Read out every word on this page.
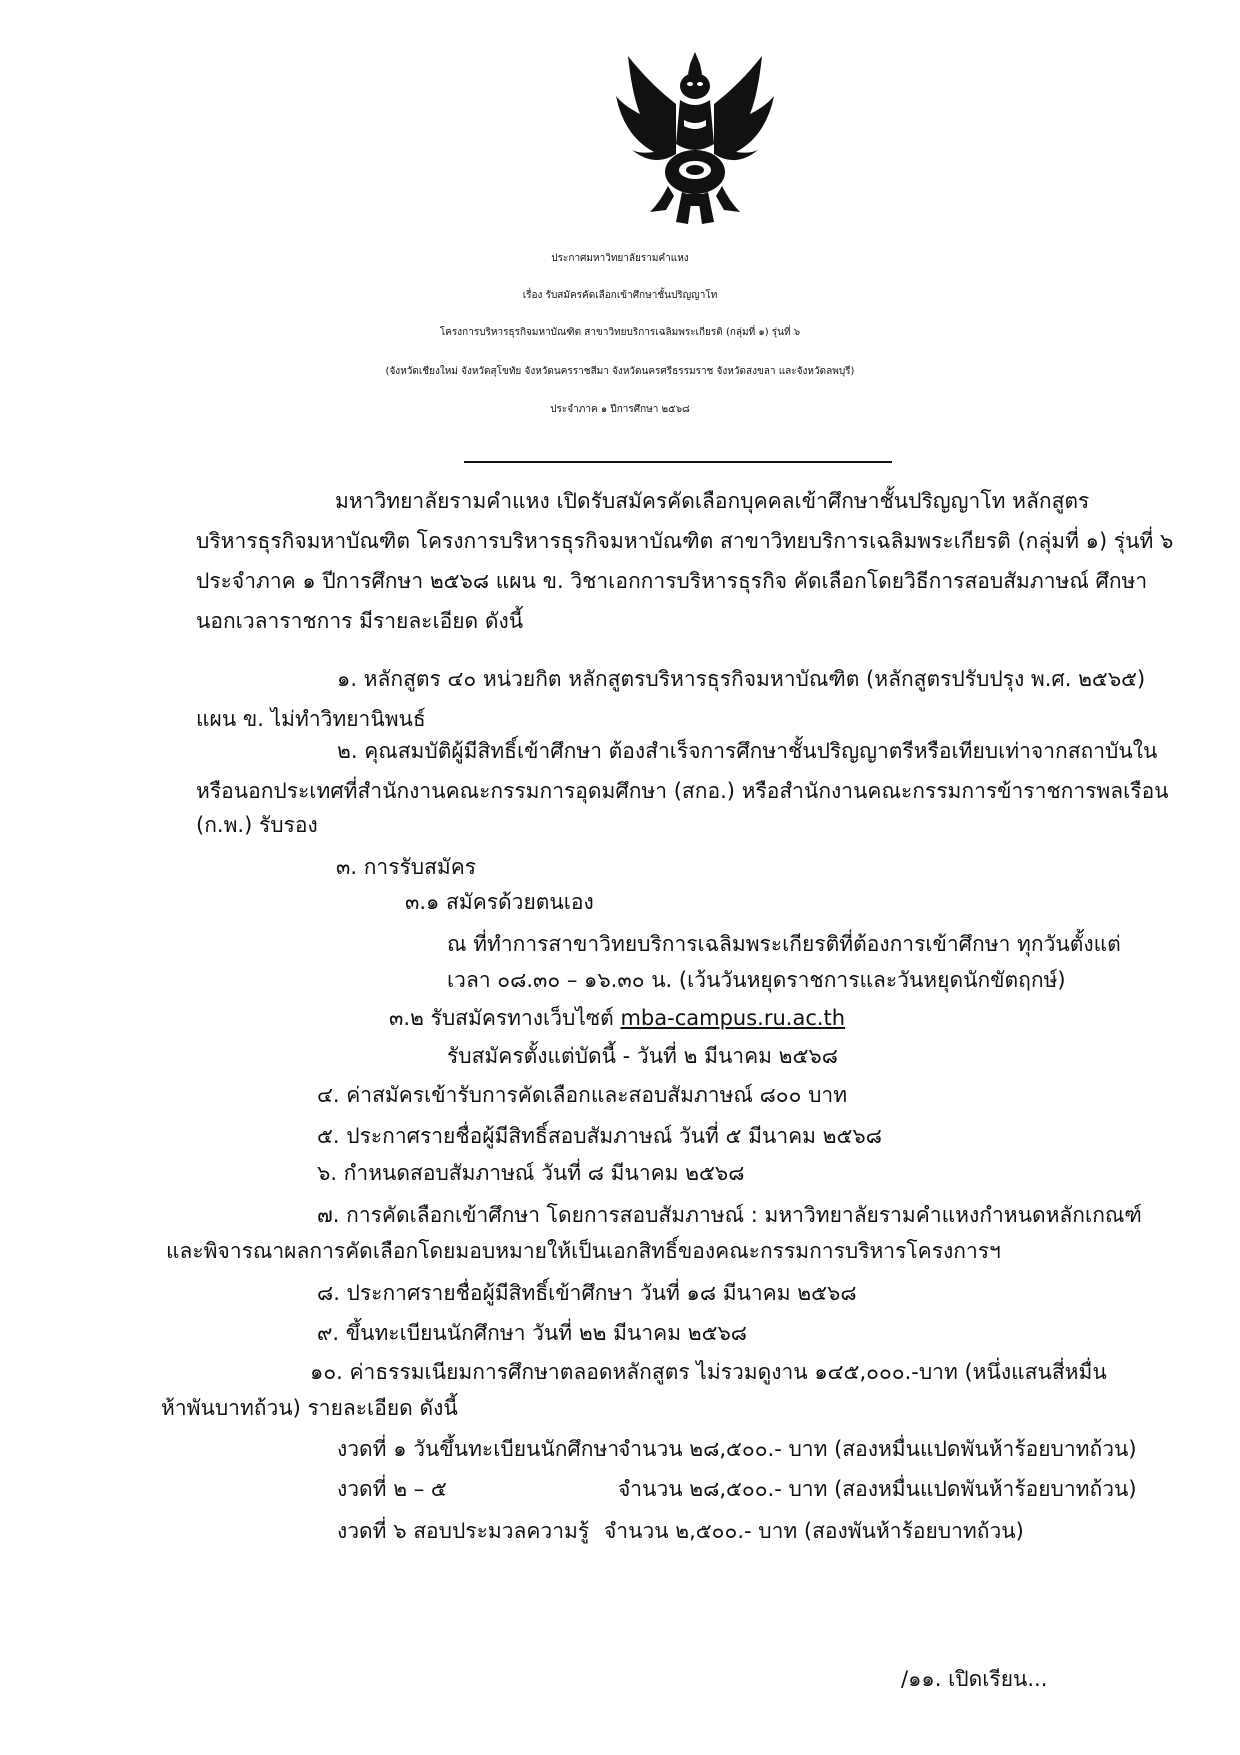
ประกาศมหาวิทยาลัยรามคำแหง
เรื่อง รับสมัครคัดเลือกเข้าศึกษาชั้นปริญญาโท
โครงการบริหารธุรกิจมหาบัณฑิต สาขาวิทยบริการเฉลิมพระเกียรติ (กลุ่มที่ ๑) รุ่นที่ ๖
(จังหวัดเชียงใหม่ จังหวัดสุโขทัย จังหวัดนครราชสีมา จังหวัดนครศรีธรรมราช จังหวัดสงขลา และจังหวัดลพบุรี)
ประจำภาค ๑ ปีการศึกษา ๒๕๖๘
มหาวิทยาลัยรามคำแหง เปิดรับสมัครคัดเลือกบุคคลเข้าศึกษาชั้นปริญญาโท หลักสูตร
บริหารธุรกิจมหาบัณฑิต โครงการบริหารธุรกิจมหาบัณฑิต สาขาวิทยบริการเฉลิมพระเกียรติ (กลุ่มที่ ๑) รุ่นที่ ๖
ประจำภาค ๑ ปีการศึกษา ๒๕๖๘ แผน ข. วิชาเอกการบริหารธุรกิจ คัดเลือกโดยวิธีการสอบสัมภาษณ์ ศึกษา
นอกเวลาราชการ มีรายละเอียด ดังนี้
๑. หลักสูตร ๔๐ หน่วยกิต หลักสูตรบริหารธุรกิจมหาบัณฑิต (หลักสูตรปรับปรุง พ.ศ. ๒๕๖๕)
แผน ข. ไม่ทำวิทยานิพนธ์
๒. คุณสมบัติผู้มีสิทธิ์เข้าศึกษา ต้องสำเร็จการศึกษาชั้นปริญญาตรีหรือเทียบเท่าจากสถาบันใน
หรือนอกประเทศที่สำนักงานคณะกรรมการอุดมศึกษา (สกอ.) หรือสำนักงานคณะกรรมการข้าราชการพลเรือน
(ก.พ.) รับรอง
๓. การรับสมัคร
๓.๑ สมัครด้วยตนเอง
ณ ที่ทำการสาขาวิทยบริการเฉลิมพระเกียรติที่ต้องการเข้าศึกษา ทุกวันตั้งแต่
เวลา ๐๘.๓๐ – ๑๖.๓๐ น. (เว้นวันหยุดราชการและวันหยุดนักขัตฤกษ์)
๓.๒ รับสมัครทางเว็บไซต์ mba-campus.ru.ac.th
รับสมัครตั้งแต่บัดนี้ - วันที่ ๒ มีนาคม ๒๕๖๘
๔. ค่าสมัครเข้ารับการคัดเลือกและสอบสัมภาษณ์ ๘๐๐ บาท
๕. ประกาศรายชื่อผู้มีสิทธิ์สอบสัมภาษณ์ วันที่ ๕ มีนาคม ๒๕๖๘
๖. กำหนดสอบสัมภาษณ์ วันที่ ๘ มีนาคม ๒๕๖๘
๗. การคัดเลือกเข้าศึกษา โดยการสอบสัมภาษณ์ : มหาวิทยาลัยรามคำแหงกำหนดหลักเกณฑ์
และพิจารณาผลการคัดเลือกโดยมอบหมายให้เป็นเอกสิทธิ์ของคณะกรรมการบริหารโครงการฯ
๘. ประกาศรายชื่อผู้มีสิทธิ์เข้าศึกษา วันที่ ๑๘ มีนาคม ๒๕๖๘
๙. ขึ้นทะเบียนนักศึกษา วันที่ ๒๒ มีนาคม ๒๕๖๘
๑๐. ค่าธรรมเนียมการศึกษาตลอดหลักสูตร ไม่รวมดูงาน ๑๔๕,๐๐๐.-บาท (หนึ่งแสนสี่หมื่น
ห้าพันบาทถ้วน) รายละเอียด ดังนี้
งวดที่ ๑ วันขึ้นทะเบียนนักศึกษา
จำนวน ๒๘,๕๐๐.- บาท (สองหมื่นแปดพันห้าร้อยบาทถ้วน)
งวดที่ ๒ – ๕	จำนวน ๒๘,๕๐๐.- บาท (สองหมื่นแปดพันห้าร้อยบาทถ้วน)
งวดที่ ๖ สอบประมวลความรู้ จำนวน ๒,๕๐๐.- บาท (สองพันห้าร้อยบาทถ้วน)
/๑๑. เปิดเรียน...
